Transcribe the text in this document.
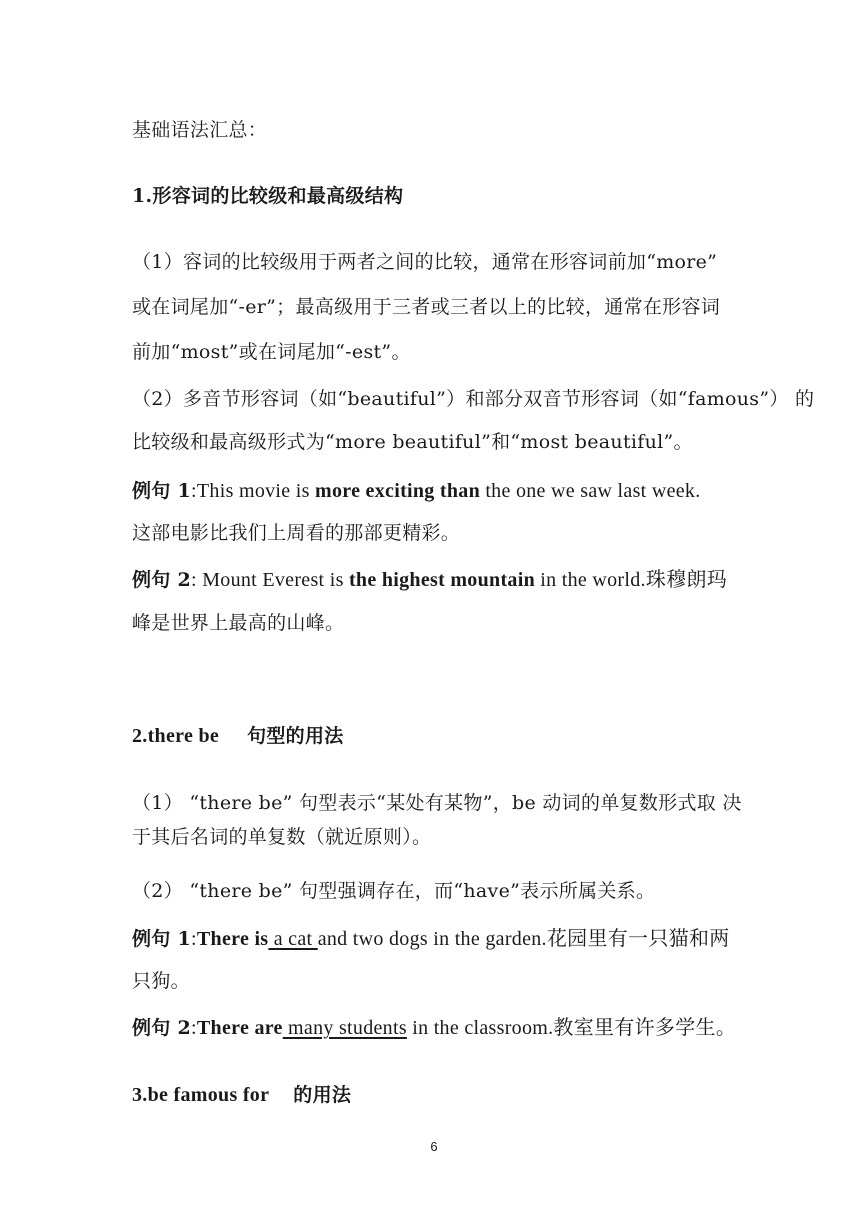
基础语法汇总：
1.形容词的比较级和最高级结构
（1）容词的比较级用于两者之间的比较，通常在形容词前加“more”
或在词尾加“-er”；最高级用于三者或三者以上的比较，通常在形容词
前加“most”或在词尾加“-est”。
（2）多音节形容词（如“beautiful”）和部分双音节形容词（如“famous”） 的
比较级和最高级形式为“more beautiful”和“most beautiful”。
例句 1:This movie is more exciting than the one we saw last week.
这部电影比我们上周看的那部更精彩。
例句 2: Mount Everest is the highest mountain in the world.珠穆朗玛
峰是世界上最高的山峰。
2.there be 句型的用法
（1） “there be” 句型表示“某处有某物”，be 动词的单复数形式取 决
于其后名词的单复数（就近原则）。
（2） “there be” 句型强调存在，而“have”表示所属关系。
例句 1:There is a cat and two dogs in the garden.花园里有一只猫和两
只狗。
例句 2:There are many students in the classroom.教室里有许多学生。
3.be famous for 的用法
6
